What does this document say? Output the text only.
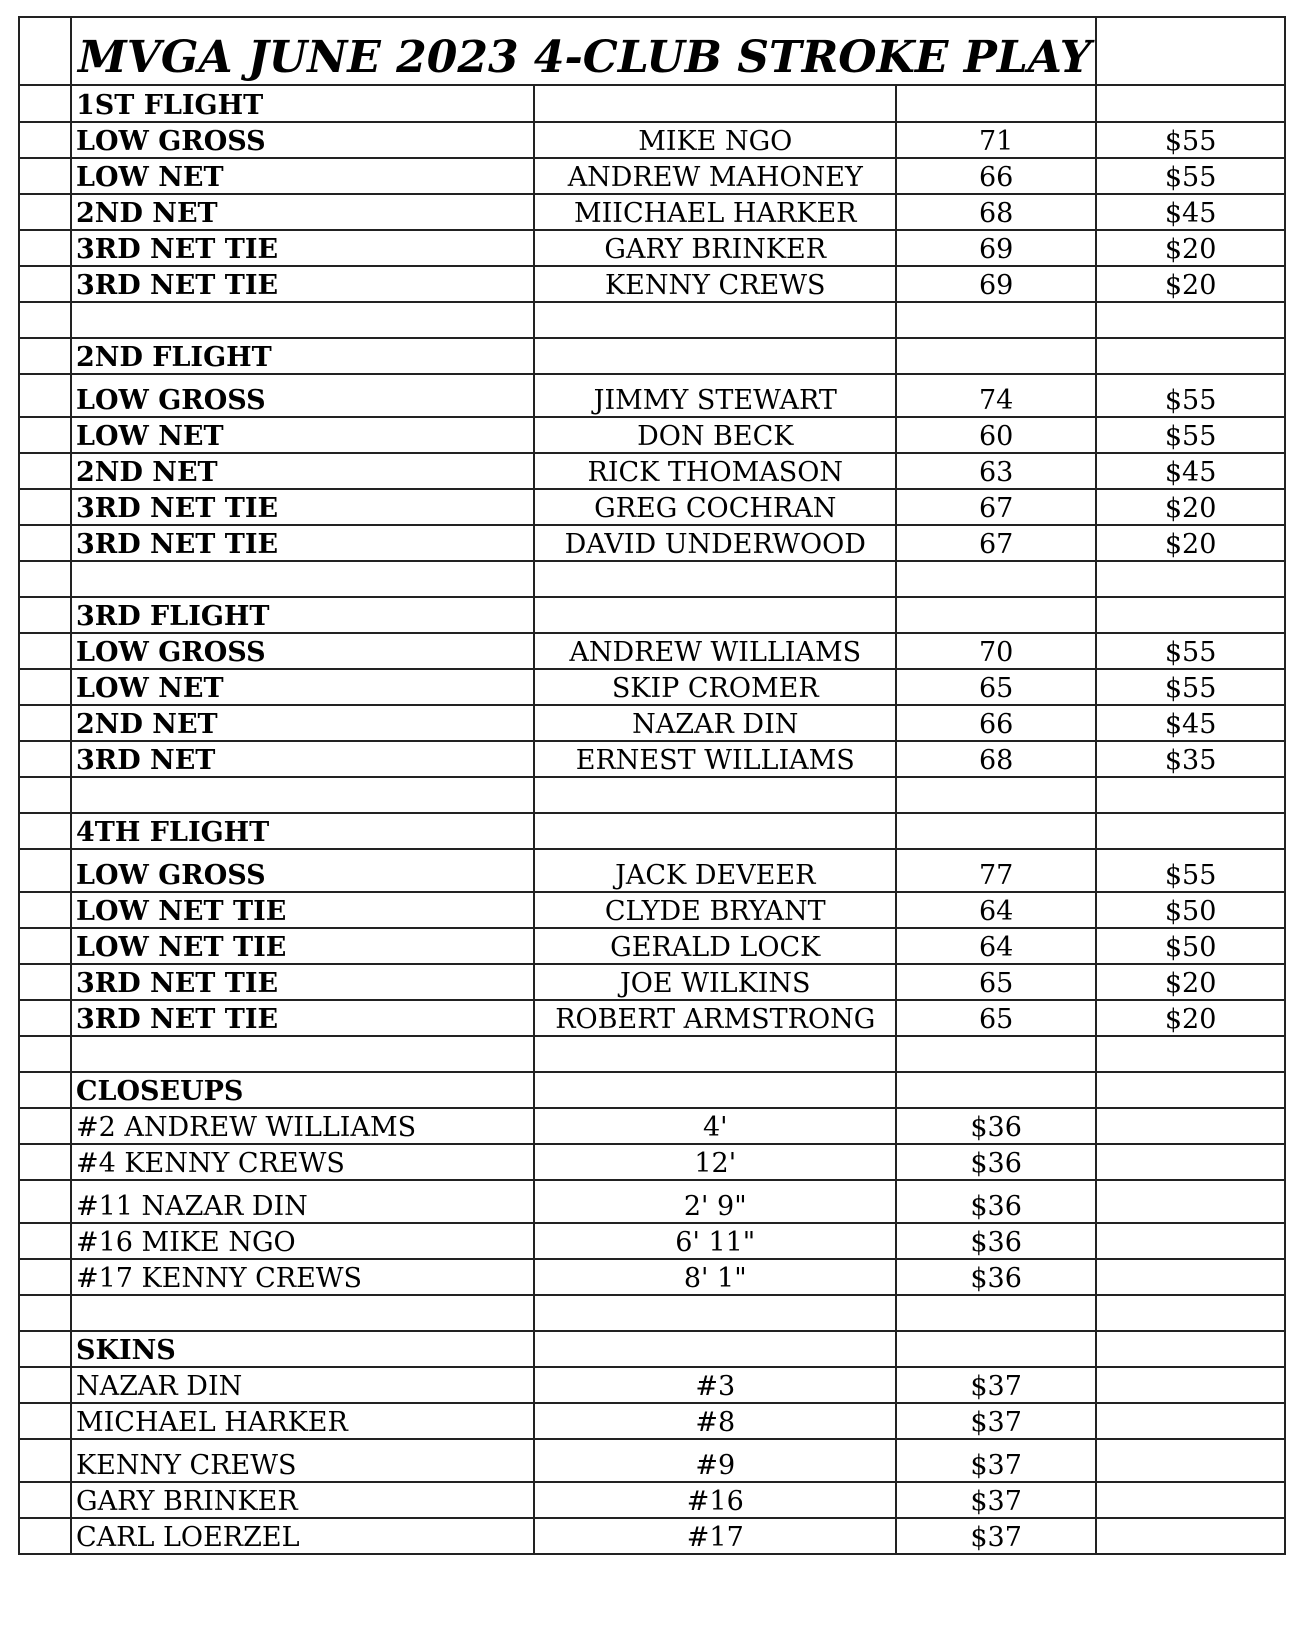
	MVGA JUNE 2023 4-CLUB STROKE PLAY			
	1ST FLIGHT			
	LOW GROSS	MIKE NGO	71	$55
	LOW NET	ANDREW MAHONEY	66	$55
	2ND NET	MIICHAEL HARKER	68	$45
	3RD NET TIE	GARY BRINKER	69	$20
	3RD NET TIE	KENNY CREWS	69	$20

	2ND FLIGHT			
	LOW GROSS	JIMMY STEWART	74	$55
	LOW NET	DON BECK	60	$55
	2ND NET	RICK THOMASON	63	$45
	3RD NET TIE	GREG COCHRAN	67	$20
	3RD NET TIE	DAVID UNDERWOOD	67	$20

	3RD FLIGHT			
	LOW GROSS	ANDREW WILLIAMS	70	$55
	LOW NET	SKIP CROMER	65	$55
	2ND NET	NAZAR DIN	66	$45
	3RD NET	ERNEST WILLIAMS	68	$35

	4TH FLIGHT			
	LOW GROSS	JACK DEVEER	77	$55
	LOW NET TIE	CLYDE BRYANT	64	$50
	LOW NET TIE	GERALD LOCK	64	$50
	3RD NET TIE	JOE WILKINS	65	$20
	3RD NET TIE	ROBERT ARMSTRONG	65	$20

	CLOSEUPS			
	#2 ANDREW WILLIAMS	4'	$36	
	#4 KENNY CREWS	12'	$36	
	#11 NAZAR DIN	2' 9"	$36	
	#16 MIKE NGO	6' 11"	$36	
	#17 KENNY CREWS	8' 1"	$36	

	SKINS			
	NAZAR DIN	#3	$37	
	MICHAEL HARKER	#8	$37	
	KENNY CREWS	#9	$37	
	GARY BRINKER	#16	$37	
	CARL LOERZEL	#17	$37	
